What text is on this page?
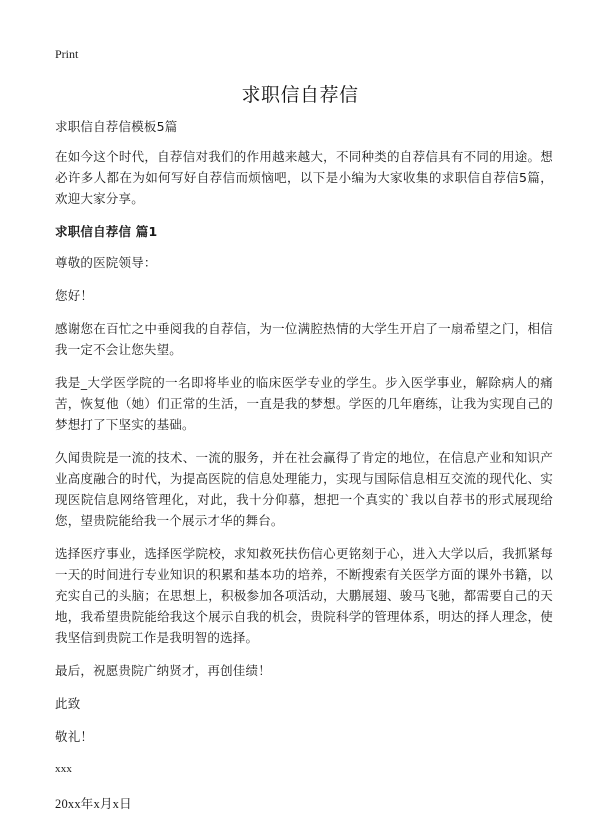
Print
求职信自荐信

求职信自荐信模板5篇

在如今这个时代，自荐信对我们的作用越来越大，不同种类的自荐信具有不同的用途。想必许多人都在为如何写好自荐信而烦恼吧，以下是小编为大家收集的求职信自荐信5篇，欢迎大家分享。

求职信自荐信 篇1

尊敬的医院领导：

您好！

感谢您在百忙之中垂阅我的自荐信，为一位满腔热情的大学生开启了一扇希望之门，相信我一定不会让您失望。

我是_大学医学院的一名即将毕业的临床医学专业的学生。步入医学事业，解除病人的痛苦，恢复他（她）们正常的生活，一直是我的梦想。学医的几年磨练，让我为实现自己的梦想打了下坚实的基础。

久闻贵院是一流的技术、一流的服务，并在社会赢得了肯定的地位，在信息产业和知识产业高度融合的时代，为提高医院的信息处理能力，实现与国际信息相互交流的现代化、实现医院信息网络管理化，对此，我十分仰慕，想把一个真实的`我以自荐书的形式展现给您，望贵院能给我一个展示才华的舞台。

选择医疗事业，选择医学院校，求知救死扶伤信心更铭刻于心，进入大学以后，我抓紧每一天的时间进行专业知识的积累和基本功的培养，不断搜索有关医学方面的课外书籍，以充实自己的头脑；在思想上，积极参加各项活动，大鹏展翅、骏马飞驰，都需要自己的天地，我希望贵院能给我这个展示自我的机会，贵院科学的管理体系，明达的择人理念，使我坚信到贵院工作是我明智的选择。

最后，祝愿贵院广纳贤才，再创佳绩！

此致

敬礼！

xxx

20xx年x月x日
